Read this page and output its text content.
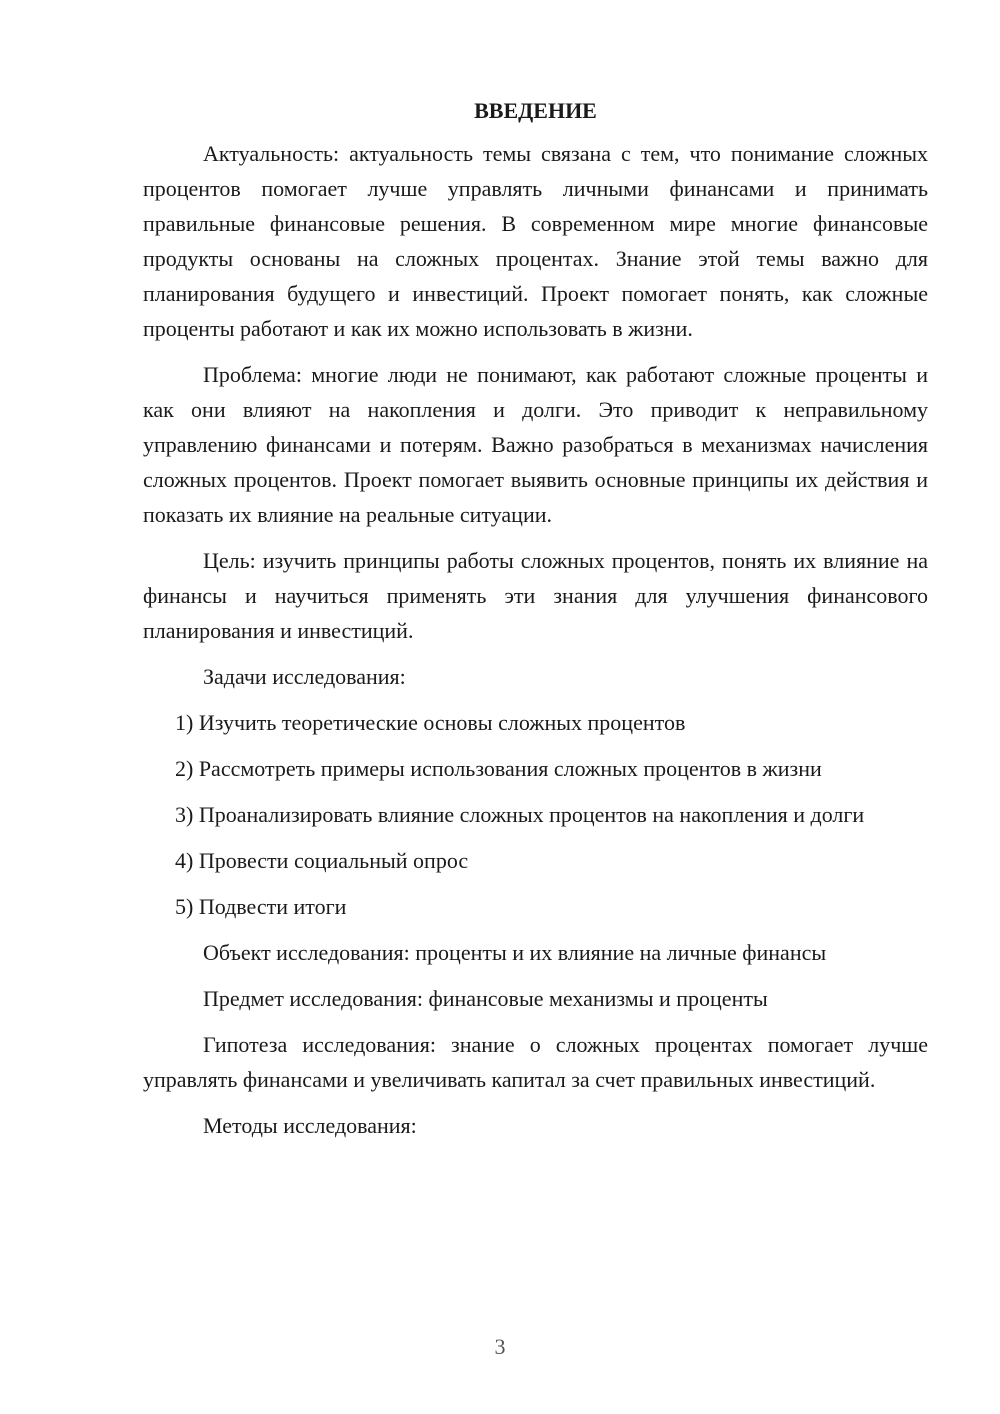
ВВЕДЕНИЕ

Актуальность: актуальность темы связана с тем, что понимание сложных процентов помогает лучше управлять личными финансами и принимать правильные финансовые решения. В современном мире многие финансовые продукты основаны на сложных процентах. Знание этой темы важно для планирования будущего и инвестиций. Проект помогает понять, как сложные проценты работают и как их можно использовать в жизни.

Проблема: многие люди не понимают, как работают сложные проценты и как они влияют на накопления и долги. Это приводит к неправильному управлению финансами и потерям. Важно разобраться в механизмах начисления сложных процентов. Проект помогает выявить основные принципы их действия и показать их влияние на реальные ситуации.

Цель: изучить принципы работы сложных процентов, понять их влияние на финансы и научиться применять эти знания для улучшения финансового планирования и инвестиций.

Задачи исследования:

1) Изучить теоретические основы сложных процентов

2) Рассмотреть примеры использования сложных процентов в жизни

3) Проанализировать влияние сложных процентов на накопления и долги

4) Провести социальный опрос

5) Подвести итоги

Объект исследования: проценты и их влияние на личные финансы

Предмет исследования: финансовые механизмы и проценты

Гипотеза исследования: знание о сложных процентах помогает лучше управлять финансами и увеличивать капитал за счет правильных инвестиций.

Методы исследования:

3
